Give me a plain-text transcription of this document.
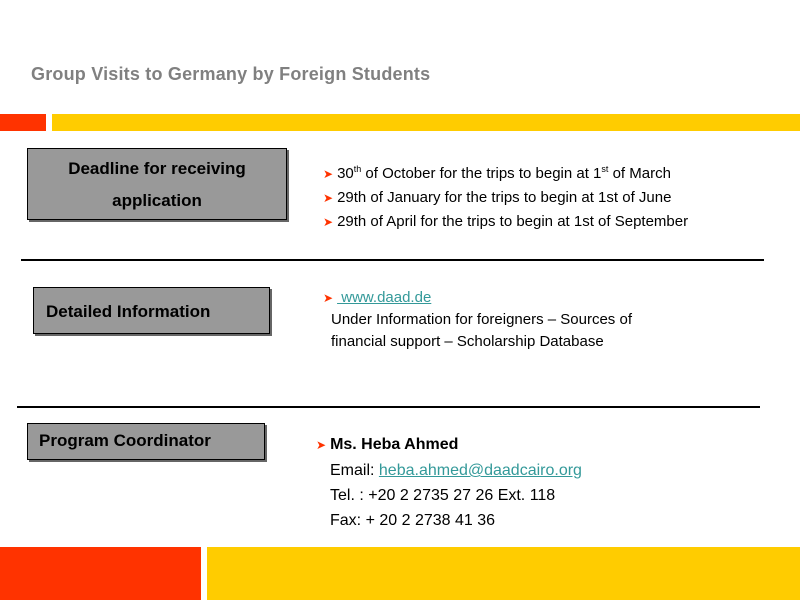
Group Visits to Germany by Foreign Students
Deadline for receiving
application
➤ 30th of October for the trips to begin at 1st of March
➤ 29th of January for the trips to begin at 1st of June
➤ 29th of April for the trips to begin at 1st of September
Detailed Information
➤ www.daad.de
Under Information for foreigners – Sources of
financial support – Scholarship Database
Program Coordinator	➤ Ms. Heba Ahmed
Email: heba.ahmed@daadcairo.org
Tel. : +20 2 2735 27 26 Ext. 118
Fax: + 20 2 2738 41 36
